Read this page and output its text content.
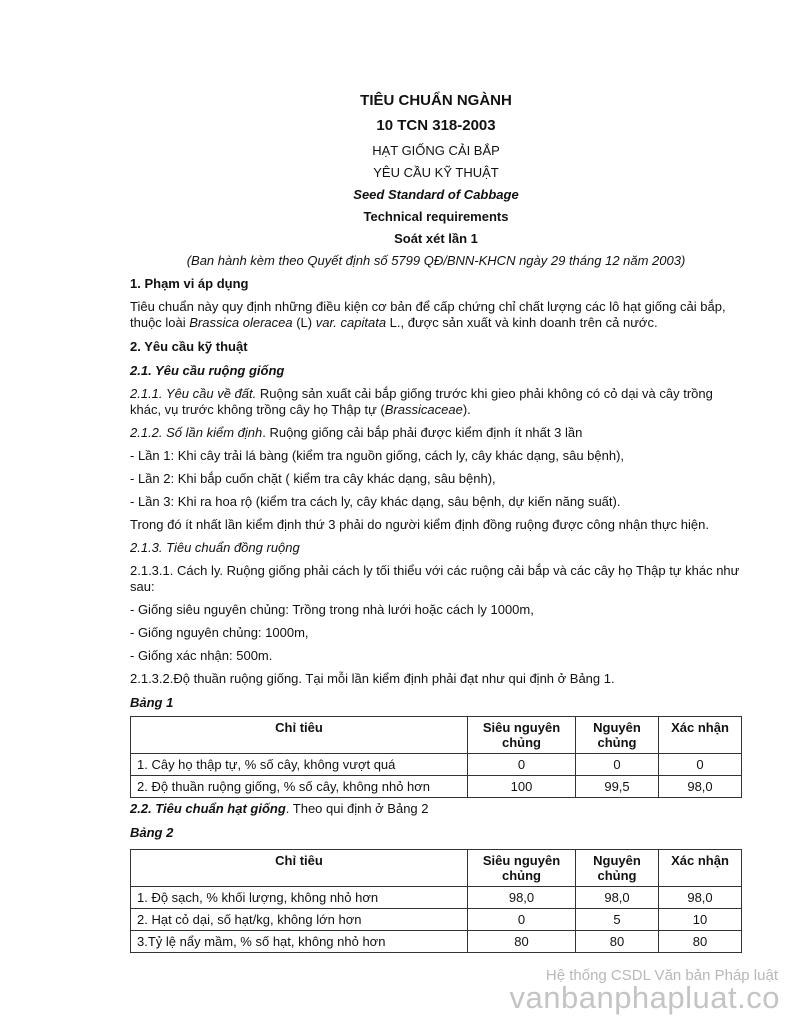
TIÊU CHUẨN NGÀNH
10 TCN 318-2003
HẠT GIỐNG CẢI BẮP
YÊU CẦU KỸ THUẬT
Seed Standard of Cabbage
Technical requirements
Soát xét lần 1
(Ban hành kèm theo Quyết định số 5799 QĐ/BNN-KHCN ngày 29 tháng 12 năm 2003)

1. Phạm vi áp dụng

Tiêu chuẩn này quy định những điều kiện cơ bản để cấp chứng chỉ chất lượng các lô hạt giống cải bắp, thuộc loài Brassica oleracea (L) var. capitata L., được sản xuất và kinh doanh trên cả nước.

2. Yêu cầu kỹ thuật

2.1. Yêu cầu ruộng giống

2.1.1. Yêu cầu về đất. Ruộng sản xuất cải bắp giống trước khi gieo phải không có cỏ dại và cây trồng khác, vụ trước không trồng cây họ Thập tự (Brassicaceae).

2.1.2. Số lần kiểm định. Ruộng giống cải bắp phải được kiểm định ít nhất 3 lần

- Lần 1: Khi cây trải lá bàng (kiểm tra nguồn giống, cách ly, cây khác dạng, sâu bệnh),

- Lần 2: Khi bắp cuốn chặt ( kiểm tra cây khác dạng, sâu bệnh),

- Lần 3: Khi ra hoa rộ (kiểm tra cách ly, cây khác dạng, sâu bệnh, dự kiến năng suất).

Trong đó ít nhất lần kiểm định thứ 3 phải do người kiểm định đồng ruộng được công nhận thực hiện.

2.1.3. Tiêu chuẩn đồng ruộng

2.1.3.1. Cách ly. Ruộng giống phải cách ly tối thiểu với các ruộng cải bắp và các cây họ Thập tự khác như sau:

- Giống siêu nguyên chủng: Trồng trong nhà lưới hoặc cách ly 1000m,

- Giống nguyên chủng: 1000m,

- Giống xác nhận: 500m.

2.1.3.2.Độ thuần ruộng giống. Tại mỗi lần kiểm định phải đạt như qui định ở Bảng 1.

Bảng 1

Chỉ tiêu	Siêu nguyên chủng	Nguyên chủng	Xác nhận
1. Cây họ thập tự, % số cây, không vượt quá	0	0	0
2. Độ thuần ruộng giống, % số cây, không nhỏ hơn	100	99,5	98,0

2.2. Tiêu chuẩn hạt giống. Theo qui định ở Bảng 2

Bảng 2

Chỉ tiêu	Siêu nguyên chủng	Nguyên chủng	Xác nhận
1. Độ sạch, % khối lượng, không nhỏ hơn	98,0	98,0	98,0
2. Hạt cỏ dại, số hạt/kg, không lớn hơn	0	5	10
3.Tỷ lệ nẩy mầm, % số hạt, không nhỏ hơn	80	80	80
Hệ thống CSDL Văn bản Pháp luật
vanbanphapluat.co
